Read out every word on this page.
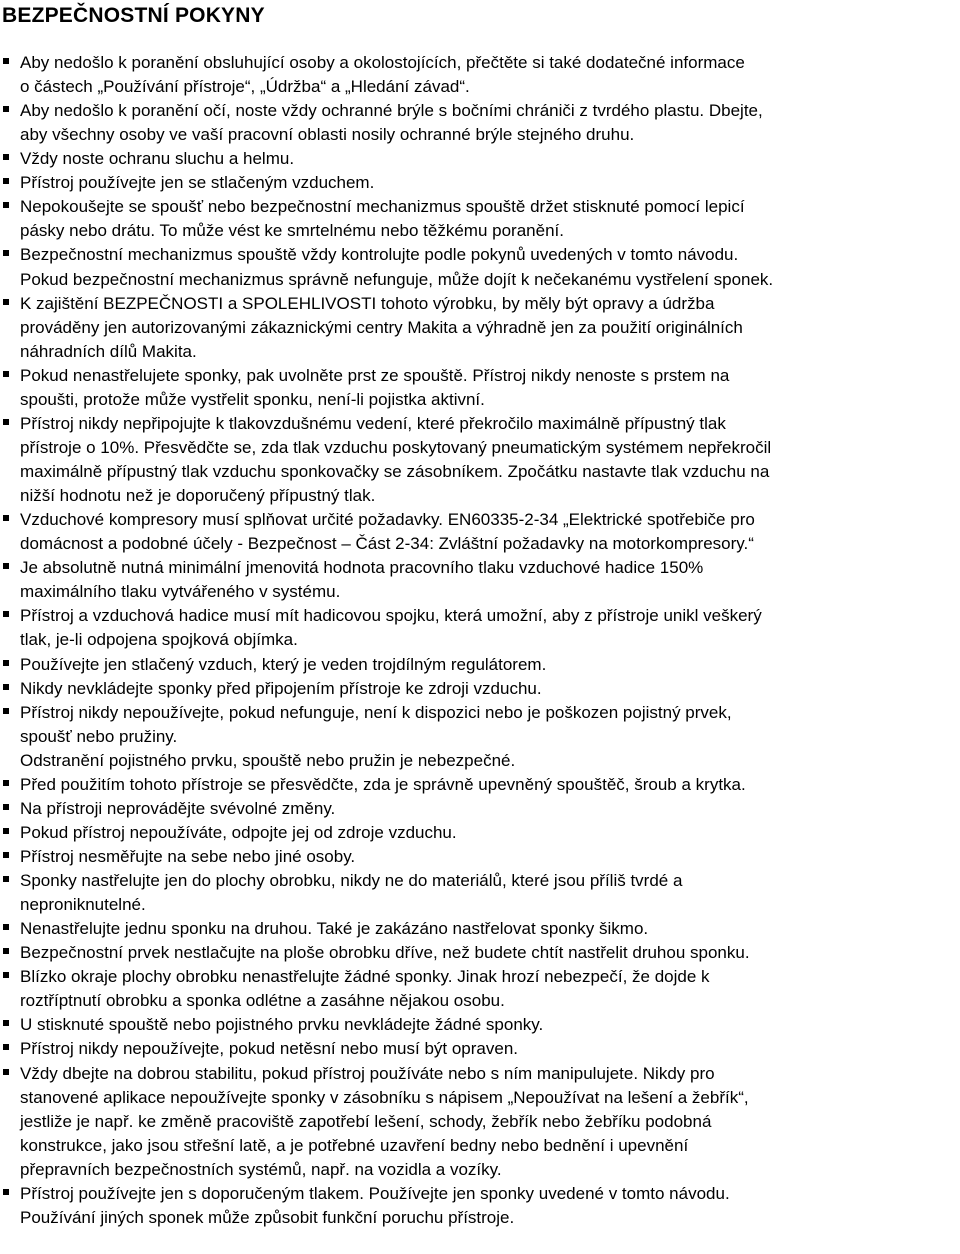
BEZPEČNOSTNÍ POKYNY
Aby nedošlo k poranění obsluhující osoby a okolostojících, přečtěte si také dodatečné informace
o částech „Používání přístroje“, „Údržba“ a „Hledání závad“.
Aby nedošlo k poranění očí, noste vždy ochranné brýle s bočními chrániči z tvrdého plastu. Dbejte,
aby všechny osoby ve vaší pracovní oblasti nosily ochranné brýle stejného druhu.
Vždy noste ochranu sluchu a helmu.
Přístroj používejte jen se stlačeným vzduchem.
Nepokoušejte se spoušť nebo bezpečnostní mechanizmus spouště držet stisknuté pomocí lepicí
pásky nebo drátu. To může vést ke smrtelnému nebo těžkému poranění.
Bezpečnostní mechanizmus spouště vždy kontrolujte podle pokynů uvedených v tomto návodu.
Pokud bezpečnostní mechanizmus správně nefunguje, může dojít k nečekanému vystřelení sponek.
K zajištění BEZPEČNOSTI a SPOLEHLIVOSTI tohoto výrobku, by měly být opravy a údržba
prováděny jen autorizovanými zákaznickými centry Makita a výhradně jen za použití originálních
náhradních dílů Makita.
Pokud nenastřelujete sponky, pak uvolněte prst ze spouště. Přístroj nikdy nenoste s prstem na
spoušti, protože může vystřelit sponku, není-li pojistka aktivní.
Přístroj nikdy nepřipojujte k tlakovzdušnému vedení, které překročilo maximálně přípustný tlak
přístroje o 10%. Přesvědčte se, zda tlak vzduchu poskytovaný pneumatickým systémem nepřekročil
maximálně přípustný tlak vzduchu sponkovačky se zásobníkem. Zpočátku nastavte tlak vzduchu na
nižší hodnotu než je doporučený přípustný tlak.
Vzduchové kompresory musí splňovat určité požadavky. EN60335-2-34 „Elektrické spotřebiče pro
domácnost a podobné účely - Bezpečnost – Část 2-34: Zvláštní požadavky na motorkompresory.“
Je absolutně nutná minimální jmenovitá hodnota pracovního tlaku vzduchové hadice 150%
maximálního tlaku vytvářeného v systému.
Přístroj a vzduchová hadice musí mít hadicovou spojku, která umožní, aby z přístroje unikl veškerý
tlak, je-li odpojena spojková objímka.
Používejte jen stlačený vzduch, který je veden trojdílným regulátorem.
Nikdy nevkládejte sponky před připojením přístroje ke zdroji vzduchu.
Přístroj nikdy nepoužívejte, pokud nefunguje, není k dispozici nebo je poškozen pojistný prvek,
spoušť nebo pružiny.
Odstranění pojistného prvku, spouště nebo pružin je nebezpečné.
Před použitím tohoto přístroje se přesvědčte, zda je správně upevněný spouštěč, šroub a krytka.
Na přístroji neprovádějte svévolné změny.
Pokud přístroj nepoužíváte, odpojte jej od zdroje vzduchu.
Přístroj nesměřujte na sebe nebo jiné osoby.
Sponky nastřelujte jen do plochy obrobku, nikdy ne do materiálů, které jsou příliš tvrdé a
neproniknutelné.
Nenastřelujte jednu sponku na druhou. Také je zakázáno nastřelovat sponky šikmo.
Bezpečnostní prvek nestlačujte na ploše obrobku dříve, než budete chtít nastřelit druhou sponku.
Blízko okraje plochy obrobku nenastřelujte žádné sponky. Jinak hrozí nebezpečí, že dojde k
roztříptnutí obrobku a sponka odlétne a zasáhne nějakou osobu.
U stisknuté spouště nebo pojistného prvku nevkládejte žádné sponky.
Přístroj nikdy nepoužívejte, pokud netěsní nebo musí být opraven.
Vždy dbejte na dobrou stabilitu, pokud přístroj používáte nebo s ním manipulujete. Nikdy pro
stanovené aplikace nepoužívejte sponky v zásobníku s nápisem „Nepoužívat na lešení a žebřík“,
jestliže je např. ke změně pracoviště zapotřebí lešení, schody, žebřík nebo žebříku podobná
konstrukce, jako jsou střešní latě, a je potřebné uzavření bedny nebo bednění i upevnění
přepravních bezpečnostních systémů, např. na vozidla a vozíky.
Přístroj používejte jen s doporučeným tlakem. Používejte jen sponky uvedené v tomto návodu.
Používání jiných sponek může způsobit funkční poruchu přístroje.
